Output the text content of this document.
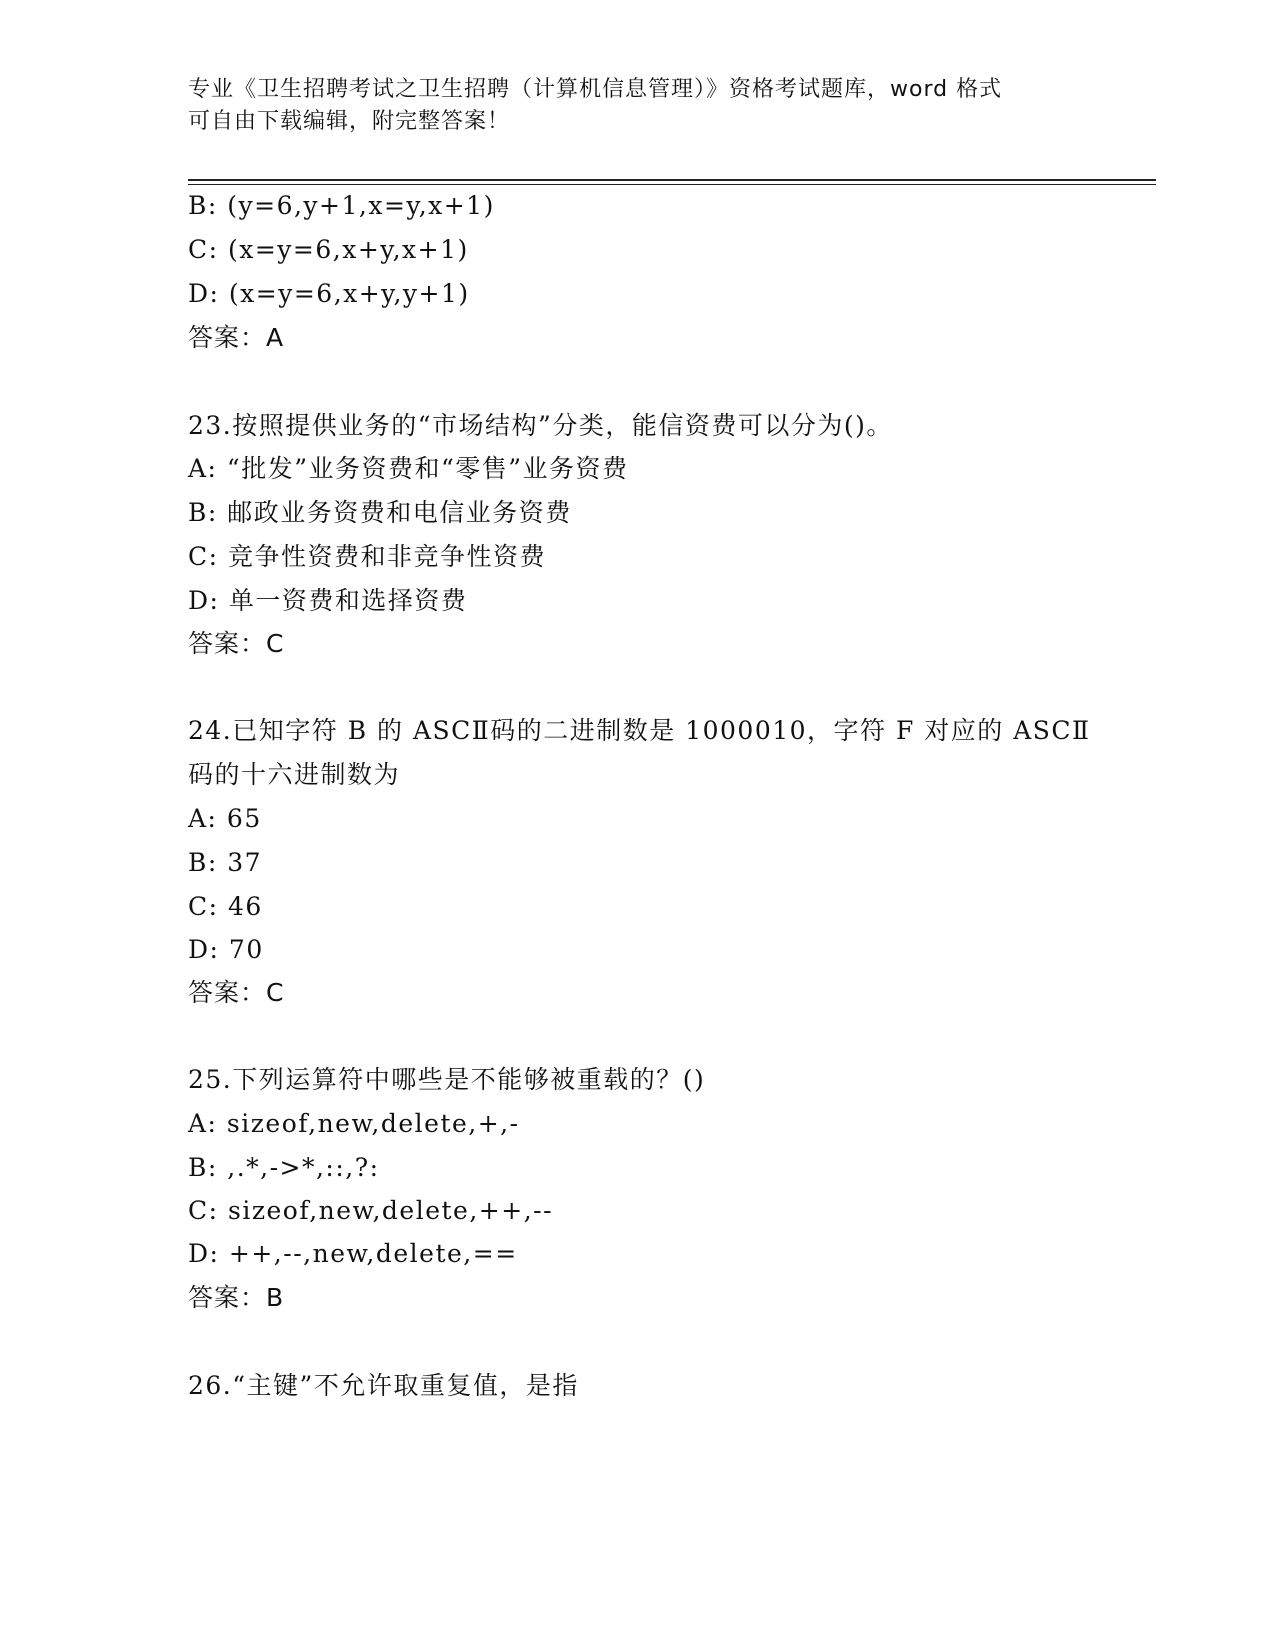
专业《卫生招聘考试之卫生招聘（计算机信息管理）》资格考试题库，word 格式
可自由下载编辑，附完整答案！
B: (y=6,y+1,x=y,x+1)
C: (x=y=6,x+y,x+1)
D: (x=y=6,x+y,y+1)
答案：A
23.按照提供业务的“市场结构”分类，能信资费可以分为()。
A: “批发”业务资费和“零售”业务资费
B: 邮政业务资费和电信业务资费
C: 竞争性资费和非竞争性资费
D: 单一资费和选择资费
答案：C
24.已知字符 B 的 ASCⅡ码的二进制数是 1000010，字符 F 对应的 ASCⅡ
码的十六进制数为
A: 65
B: 37
C: 46
D: 70
答案：C
25.下列运算符中哪些是不能够被重载的？()
A: sizeof,new,delete,+,-
B: ,.*,->*,::,?:
C: sizeof,new,delete,++,--
D: ++,--,new,delete,==
答案：B
26.“主键”不允许取重复值，是指
